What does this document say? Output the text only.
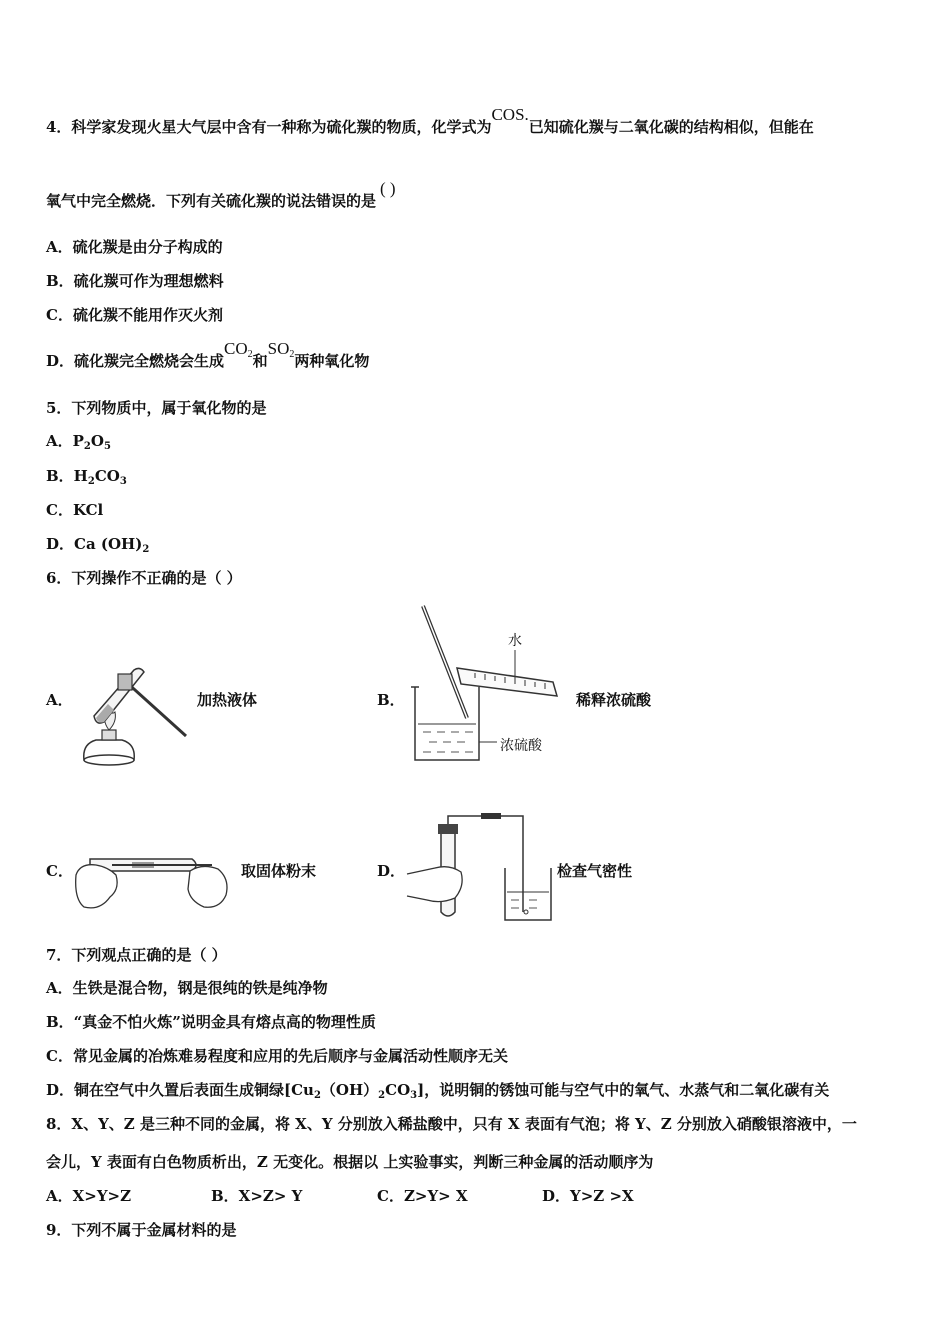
4．科学家发现火星大气层中含有一种称为硫化羰的物质，化学式为COS.已知硫化羰与二氧化碳的结构相似，但能在
氧气中完全燃烧．下列有关硫化羰的说法错误的是( )
A．硫化羰是由分子构成的
B．硫化羰可作为理想燃料
C．硫化羰不能用作灭火剂
D．硫化羰完全燃烧会生成$CO_2$和$SO_2$两种氧化物
5．下列物质中，属于氧化物的是
A．$P_2O_5$
B．$H_2CO_3$
C．KCl
D．Ca $(OH)_2$
6．下列操作不正确的是（ ）
A．	加热液体	B．
水
浓硫酸
稀释浓硫酸
C．	取固体粉末	D．	检查气密性
7．下列观点正确的是（ ）
A．生铁是混合物，钢是很纯的铁是纯净物
B．“真金不怕火炼”说明金具有熔点高的物理性质
C．常见金属的冶炼难易程度和应用的先后顺序与金属活动性顺序无关
D．铜在空气中久置后表面生成铜绿$[Cu_2(OH)_2CO_3]$，说明铜的锈蚀可能与空气中的氧气、水蒸气和二氧化碳有关
8．X、Y、Z 是三种不同的金属，将 X、Y 分别放入稀盐酸中，只有 X 表面有气泡；将 Y、Z 分别放入硝酸银溶液中，一
会儿，Y 表面有白色物质析出，Z 无变化。根据以 上实验事实，判断三种金属的活动顺序为
A．X>Y>Z	B．X>Z> Y	C．Z>Y> X	D．Y>Z >X
9．下列不属于金属材料的是
